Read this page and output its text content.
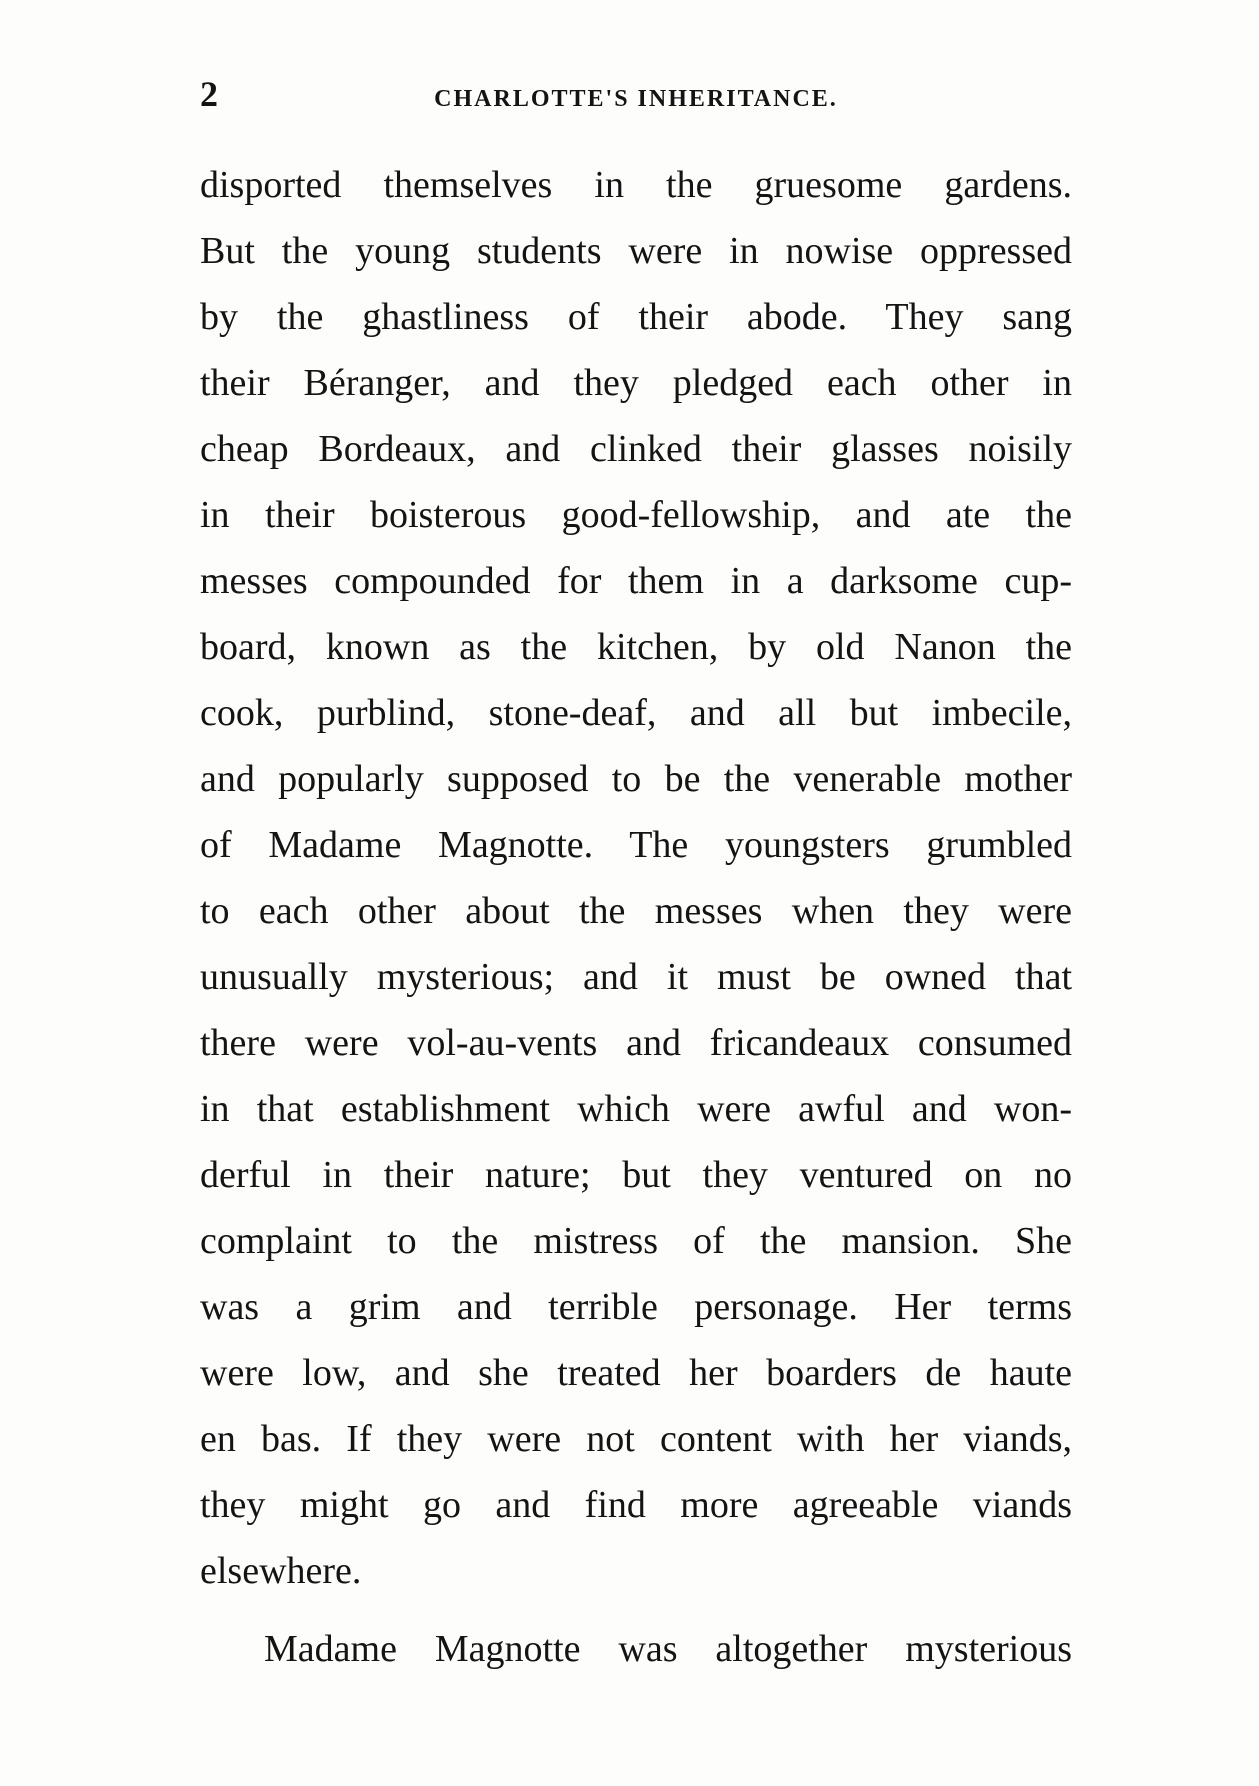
2	CHARLOTTE'S INHERITANCE.
disported themselves in the gruesome gardens.
But the young students were in nowise oppressed
by the ghastliness of their abode. They sang
their Béranger, and they pledged each other in
cheap Bordeaux, and clinked their glasses noisily
in their boisterous good-fellowship, and ate the
messes compounded for them in a darksome cup-
board, known as the kitchen, by old Nanon the
cook, purblind, stone-deaf, and all but imbecile,
and popularly supposed to be the venerable mother
of Madame Magnotte. The youngsters grumbled
to each other about the messes when they were
unusually mysterious; and it must be owned that
there were vol-au-vents and fricandeaux consumed
in that establishment which were awful and won-
derful in their nature; but they ventured on no
complaint to the mistress of the mansion. She
was a grim and terrible personage. Her terms
were low, and she treated her boarders de haute
en bas. If they were not content with her viands,
they might go and find more agreeable viands
elsewhere.
Madame Magnotte was altogether mysterious
